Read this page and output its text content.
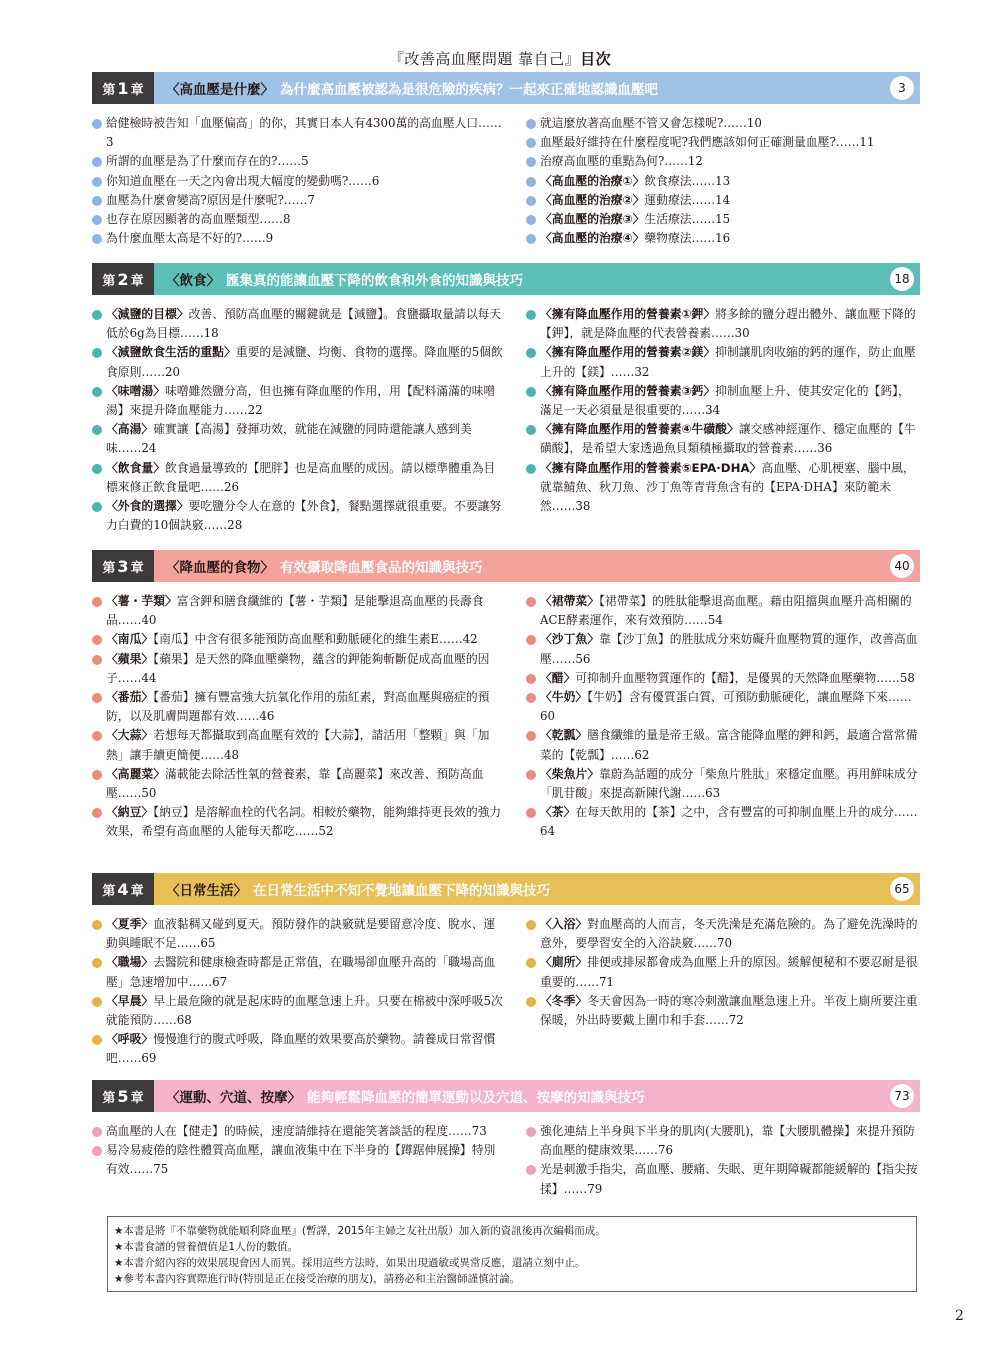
『改善高血壓問題 靠自己』目次
第 1 章 〈高血壓是什麼〉 為什麼高血壓被認為是很危險的疾病？一起來正確地認識血壓吧	3
給健檢時被告知「血壓偏高」的你，其實日本人有4300萬的高血壓人口……3
所謂的血壓是為了什麼而存在的?……5
你知道血壓在一天之內會出現大幅度的變動嗎?……6
血壓為什麼會變高?原因是什麼呢?……7
也存在原因顯著的高血壓類型……8
為什麼血壓太高是不好的?……9
就這麼放著高血壓不管又會怎樣呢?……10
血壓最好維持在什麼程度呢?我們應該如何正確測量血壓?……11
治療高血壓的重點為何?……12
〈高血壓的治療①〉飲食療法……13
〈高血壓的治療②〉運動療法……14
〈高血壓的治療③〉生活療法……15
〈高血壓的治療④〉藥物療法……16
第 2 章 〈飲食〉 匯集真的能讓血壓下降的飲食和外食的知識與技巧	18
〈減鹽的目標〉改善、預防高血壓的關鍵就是【減鹽】。食鹽攝取量請以每天低於6g為目標……18
〈減鹽飲食生活的重點〉重要的是減鹽、均衡、食物的選擇。降血壓的5個飲食原則……20
〈味噌湯〉味噌雖然鹽分高，但也擁有降血壓的作用，用【配料滿滿的味噌湯】來提升降血壓能力……22
〈高湯〉確實讓【高湯】發揮功效，就能在減鹽的同時還能讓人感到美味……24
〈飲食量〉飲食過量導致的【肥胖】也是高血壓的成因。請以標準體重為目標來修正飲食量吧……26
〈外食的選擇〉要吃鹽分令人在意的【外食】，餐點選擇就很重要。不要讓努力白費的10個訣竅……28
〈擁有降血壓作用的營養素①鉀〉將多餘的鹽分趕出體外、讓血壓下降的【鉀】，就是降血壓的代表營養素……30
〈擁有降血壓作用的營養素②鎂〉抑制讓肌肉收縮的鈣的運作，防止血壓上升的【鎂】……32
〈擁有降血壓作用的營養素③鈣〉抑制血壓上升、使其安定化的【鈣】，滿足一天必須量是很重要的……34
〈擁有降血壓作用的營養素④牛磺酸〉讓交感神經運作、穩定血壓的【牛磺酸】，是希望大家透過魚貝類積極攝取的營養素……36
〈擁有降血壓作用的營養素⑤EPA·DHA〉高血壓、心肌梗塞、腦中風，就靠鯖魚、秋刀魚、沙丁魚等青背魚含有的【EPA·DHA】來防範未然……38
第 3 章 〈降血壓的食物〉 有效攝取降血壓食品的知識與技巧	40
〈薯・芋類〉富含鉀和膳食纖維的【薯・芋類】是能擊退高血壓的長壽食品……40
〈南瓜〉【南瓜】中含有很多能預防高血壓和動脈硬化的維生素E……42
〈蘋果〉【蘋果】是天然的降血壓藥物，蘊含的鉀能夠斬斷促成高血壓的因子……44
〈番茄〉【番茄】擁有豐富強大抗氧化作用的茄紅素，對高血壓與癌症的預防，以及肌膚問題都有效……46
〈大蒜〉若想每天都攝取到高血壓有效的【大蒜】，請活用「整顆」與「加熱」讓手續更簡便……48
〈高麗菜〉滿載能去除活性氧的營養素，靠【高麗菜】來改善、預防高血壓……50
〈納豆〉【納豆】是溶解血栓的代名詞。相較於藥物，能夠維持更長效的強力效果，希望有高血壓的人能每天都吃……52
〈裙帶菜〉【裙帶菜】的胜肽能擊退高血壓。藉由阻擋與血壓升高相關的ACE酵素運作，來有效預防……54
〈沙丁魚〉靠【沙丁魚】的胜肽成分來妨礙升血壓物質的運作，改善高血壓……56
〈醋〉可抑制升血壓物質運作的【醋】，是優異的天然降血壓藥物……58
〈牛奶〉【牛奶】含有優質蛋白質，可預防動脈硬化，讓血壓降下來……60
〈乾瓢〉膳食纖維的量是帝王級。富含能降血壓的鉀和鈣，最適合當常備菜的【乾瓢】……62
〈柴魚片〉靠蔚為話題的成分「柴魚片胜肽」來穩定血壓。再用鮮味成分「肌苷酸」來提高新陳代謝……63
〈茶〉在每天飲用的【茶】之中，含有豐富的可抑制血壓上升的成分……64
第 4 章 〈日常生活〉 在日常生活中不知不覺地讓血壓下降的知識與技巧	65
〈夏季〉血液黏稠又碰到夏天。預防發作的訣竅就是要留意冷度、脫水、運動與睡眠不足……65
〈職場〉去醫院和健康檢查時都是正常值，在職場卻血壓升高的「職場高血壓」急速增加中……67
〈早晨〉早上最危險的就是起床時的血壓急速上升。只要在棉被中深呼吸5次就能預防……68
〈呼吸〉慢慢進行的腹式呼吸，降血壓的效果要高於藥物。請養成日常習慣吧……69
〈入浴〉對血壓高的人而言，冬天洗澡是充滿危險的。為了避免洗澡時的意外，要學習安全的入浴訣竅……70
〈廁所〉排便或排尿都會成為血壓上升的原因。緩解便秘和不要忍耐是很重要的……71
〈冬季〉冬天會因為一時的寒冷刺激讓血壓急速上升。半夜上廁所要注重保暖，外出時要戴上圍巾和手套……72
第 5 章 〈運動、穴道、按摩〉 能夠輕鬆降血壓的簡單運動以及穴道、按摩的知識與技巧	73
高血壓的人在【健走】的時候，速度請維持在還能笑著談話的程度……73
易冷易疲倦的陰性體質高血壓，讓血液集中在下半身的【蹲踞伸展操】特別有效……75
強化連結上半身與下半身的肌肉(大腰肌)，靠【大腰肌體操】來提升預防高血壓的健康效果……76
光是刺激手指尖，高血壓、腰痛、失眠、更年期障礙都能緩解的【指尖按揉】……79
★本書是將『不靠藥物就能順利降血壓』(暫譯，2015年主婦之友社出版）加入新的資訊後再次編輯而成。
★本書食譜的營養價值是1人份的數值。
★本書介紹內容的效果展現會因人而異。採用這些方法時，如果出現過敏或異常反應，還請立刻中止。
★參考本書內容實際進行時(特別是正在接受治療的朋友)，請務必和主治醫師謹慎討論。
2
